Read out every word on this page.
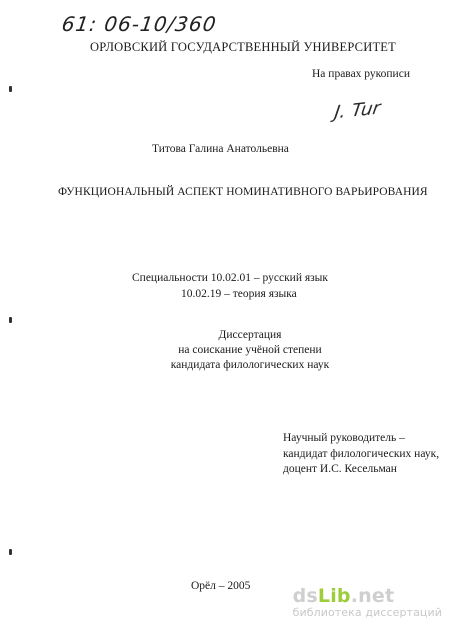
61: 06-10/360
ОРЛОВСКИЙ ГОСУДАРСТВЕННЫЙ УНИВЕРСИТЕТ
На правах рукописи
J. Tur
Титова Галина Анатольевна
ФУНКЦИОНАЛЬНЫЙ АСПЕКТ НОМИНАТИВНОГО ВАРЬИРОВАНИЯ
Специальности 10.02.01 – русский язык
10.02.19 – теория языка
Диссертация
на соискание учёной степени
кандидата филологических наук
Научный руководитель –
кандидат филологических наук,
доцент И.С. Кесельман
Орёл – 2005 dsLib.net
библиотека диссертаций
